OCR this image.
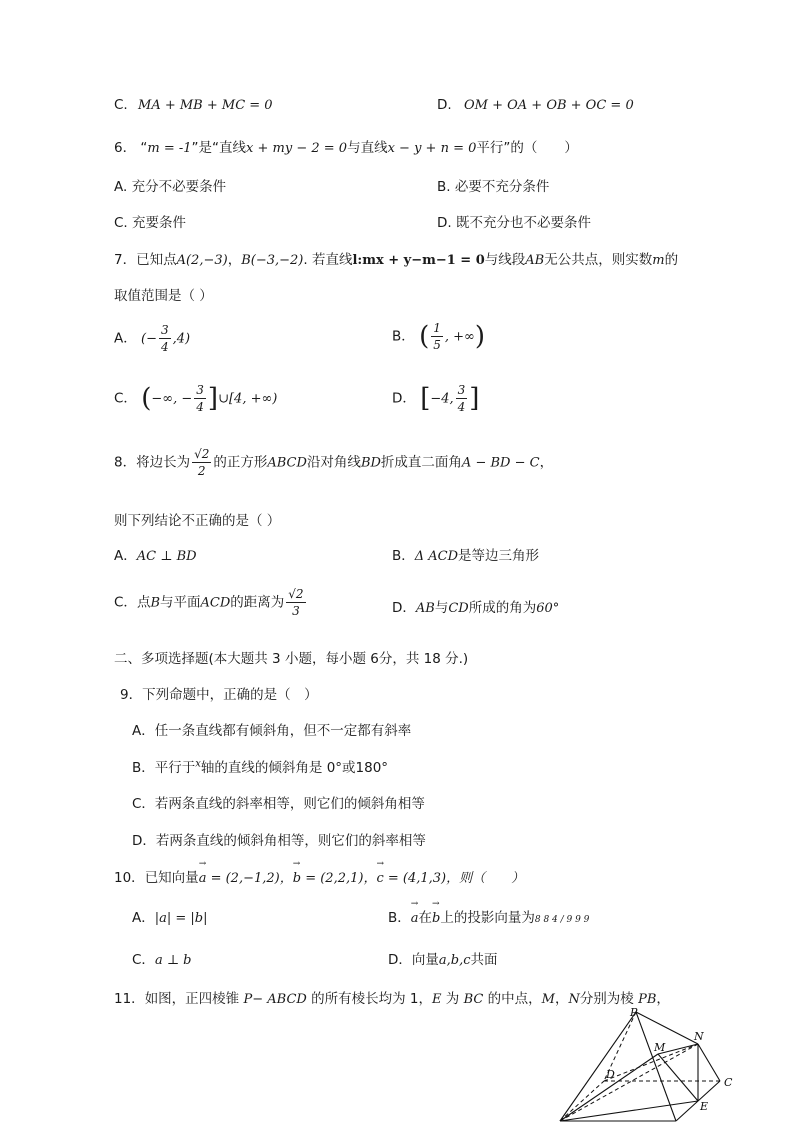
C. MA + MB + MC = 0	D. OM + OA + OB + OC = 0
6． “m = -1”是“直线x + my − 2 = 0与直线x − y + n = 0平行”的（　　）
A. 充分不必要条件	B. 必要不充分条件
C. 充要条件	D. 既不充分也不必要条件
7．已知点A(2,−3)，B(−3,−2). 若直线l:mx + y−m−1 = 0与线段AB无公共点，则实数m的
取值范围是（ ）
A． (− $\frac{3}{4} ,4$)	B． ( $\frac{1}{5}$ , +∞)
C． (−∞, − $\frac{3}{4}$ ]∪[4, +∞)	D． [−4, $\frac{3}{4}$ ]
8．将边长为 $\frac{√2}{2}$ 的正方形ABCD沿对角线BD折成直二面角A − BD − C，
则下列结论不正确的是（ ）
A．AC ⊥ BD	B．Δ ACD是等边三角形
C．点B与平面ACD的距离为 $\frac{√2}{3}$	D．AB与CD所成的角为60°
二、多项选择题(本大题共 3 小题，每小题 6分，共 18 分.)
9．下列命题中，正确的是（　）
A．任一条直线都有倾斜角，但不一定都有斜率
B．平行于$^x$轴的直线的倾斜角是 0°或180°
C．若两条直线的斜率相等，则它们的倾斜角相等
D．若两条直线的倾斜角相等，则它们的斜率相等
10．已知向量→ a = (2,−1,2)，→ b = (2,2,1)，→ c = (4,1,3)，则（　　）
A．|a| = |b|	B．→ a在→ b上的投影向量为8 8 4 / 9 9 9
C．a ⊥ b	D．向量a,b,c共面
11．如图，正四棱锥 P− ABCD 的所有棱长均为 1，E 为 BC 的中点，M，N分别为棱 PB，
P
M
N
D
C
E
